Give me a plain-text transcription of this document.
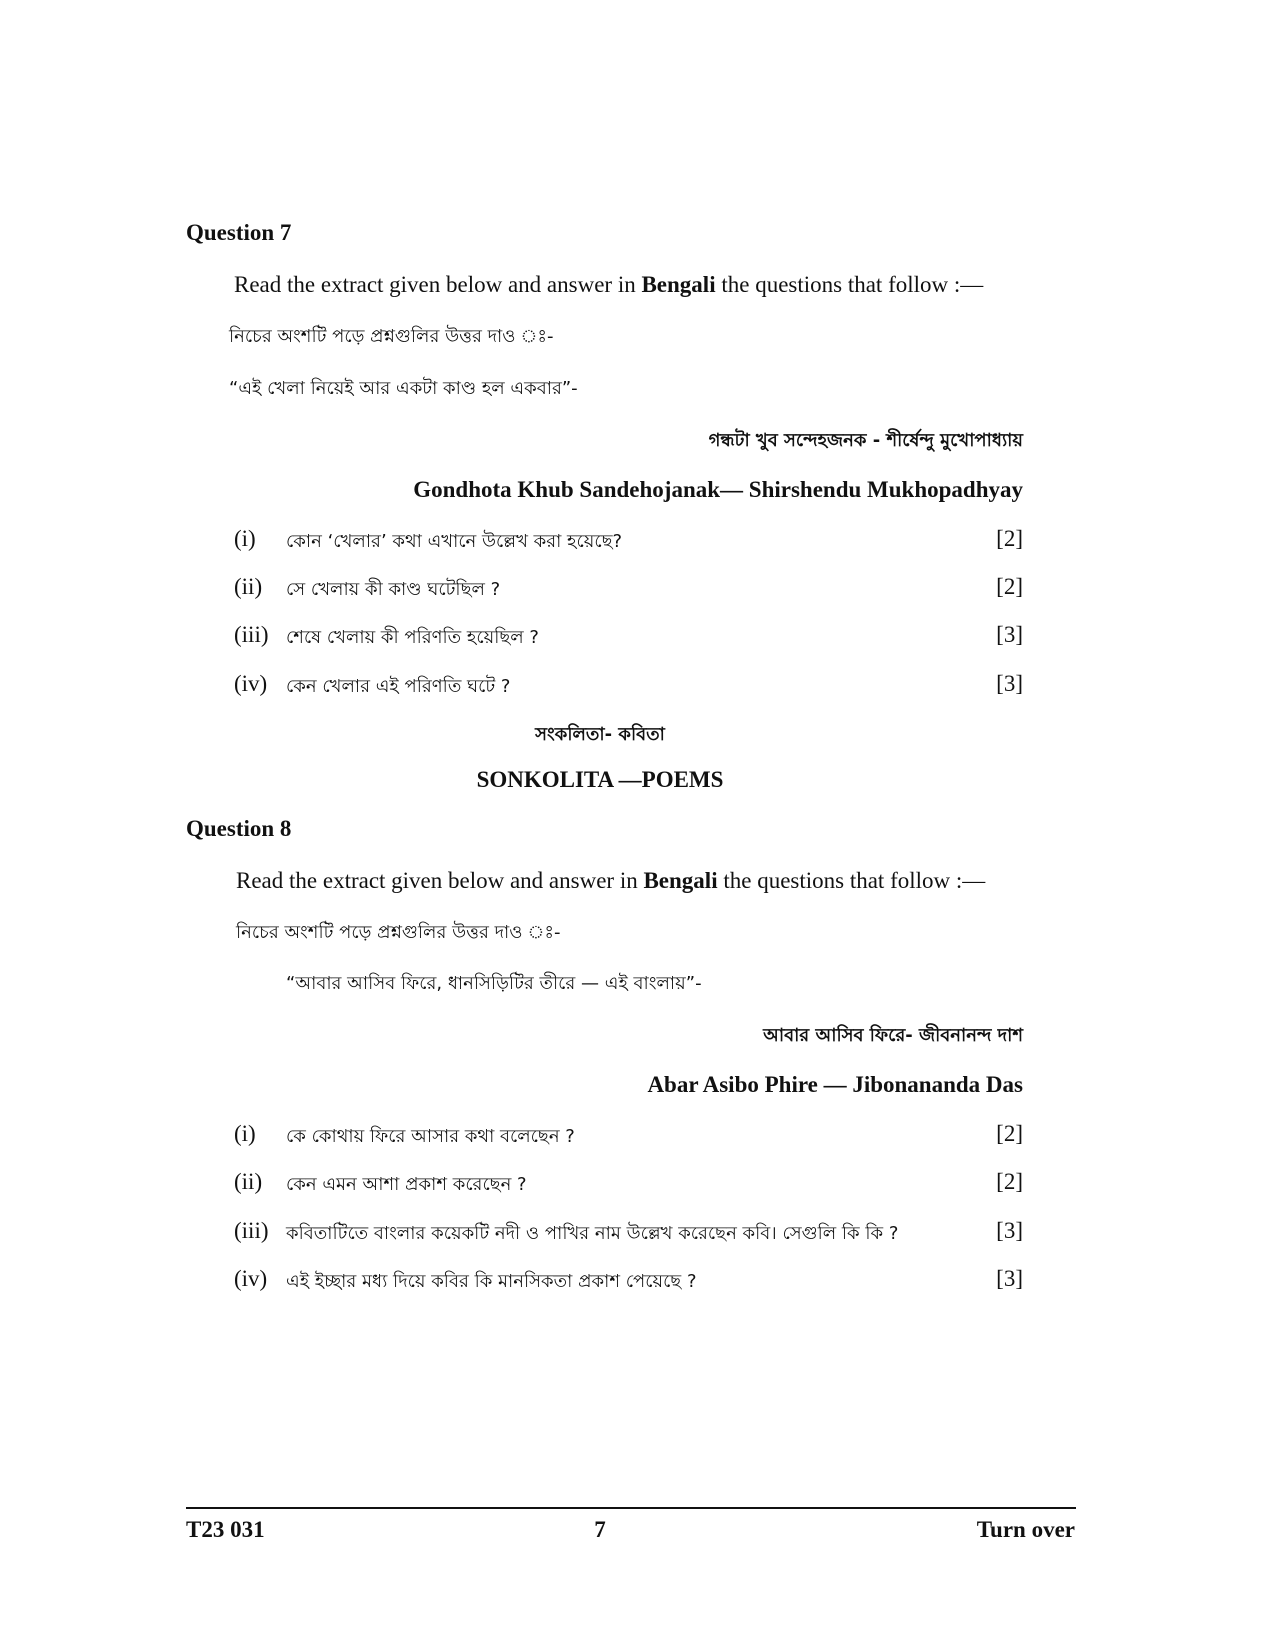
Question 7
Read the extract given below and answer in Bengali the questions that follow :—
নিচের অংশটি পড়ে প্রশ্নগুলির উত্তর দাও ঃ-
“এই খেলা নিয়েই আর একটা কাণ্ড হল একবার”-
গন্ধটা খুব সন্দেহজনক - শীর্ষেন্দু মুখোপাধ্যায়
Gondhota Khub Sandehojanak— Shirshendu Mukhopadhyay
(i) কোন ‘খেলার’ কথা এখানে উল্লেখ করা হয়েছে?	[2]
(ii) সে খেলায় কী কাণ্ড ঘটেছিল ?	[2]
(iii) শেষে খেলায় কী পরিণতি হয়েছিল ?	[3]
(iv) কেন খেলার এই পরিণতি ঘটে ?	[3]
সংকলিতা- কবিতা
SONKOLITA —POEMS
Question 8
Read the extract given below and answer in Bengali the questions that follow :—
নিচের অংশটি পড়ে প্রশ্নগুলির উত্তর দাও ঃ-
“আবার আসিব ফিরে, ধানসিড়িটির তীরে — এই বাংলায়”-
আবার আসিব ফিরে- জীবনানন্দ দাশ
Abar Asibo Phire — Jibonananda Das
(i) কে কোথায় ফিরে আসার কথা বলেছেন ?	[2]
(ii) কেন এমন আশা প্রকাশ করেছেন ?	[2]
(iii) কবিতাটিতে বাংলার কয়েকটি নদী ও পাখির নাম উল্লেখ করেছেন কবি। সেগুলি কি কি ?	[3]
(iv) এই ইচ্ছার মধ্য দিয়ে কবির কি মানসিকতা প্রকাশ পেয়েছে ?	[3]
T23 031	7	Turn over
